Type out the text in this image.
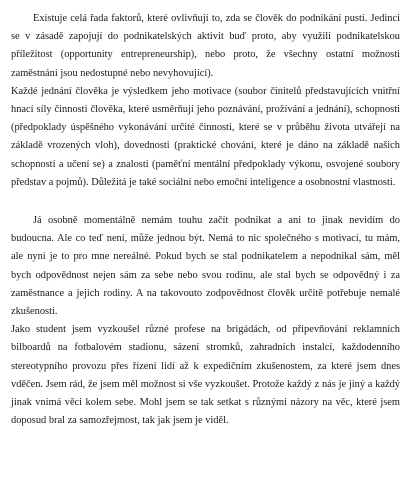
Existuje celá řada faktorů, které ovlivňují to, zda se člověk do podnikání pustí. Jedinci se v zásadě zapojují do podnikatelských aktivit buď proto, aby využili podnikatelskou příležitost (opportunity entrepreneurship), nebo proto, že všechny ostatní možnosti zaměstnání jsou nedostupné nebo nevyhovující).

Každé jednání člověka je výsledkem jeho motivace (soubor činitelů představujících vnitřní hnací síly činnosti člověka, které usměrňují jeho poznávání, prožívání a jednání), schopnosti (předpoklady úspěšného vykonávání určité činnosti, které se v průběhu života utvářejí na základě vrozených vloh), dovednosti (praktické chování, které je dáno na základě našich schopností a učení se) a znalosti (paměťní mentální předpoklady výkonu, osvojené soubory představ a pojmů). Důležitá je také sociální nebo emoční inteligence a osobnostní vlastnosti.

Já osobně momentálně nemám touhu začít podnikat a ani to jinak nevidím do budoucna. Ale co teď není, může jednou být. Nemá to nic společného s motivací, tu mám, ale nyní je to pro mne nereálné. Pokud bych se stal podnikatelem a nepodnikal sám, měl bych odpovědnost nejen sám za sebe nebo svou rodinu, ale stal bych se odpovědný i za zaměstnance a jejich rodiny. A na takovouto zodpovědnost člověk určitě potřebuje nemalé zkušenosti.

Jako student jsem vyzkoušel různé profese na brigádách, od připevňování reklamních bilboardů na fotbalovém stadionu, sázení stromků, zahradních instalcí, každodenního stereotypního provozu přes řízení lidí až k expedičním zkušenostem, za které jsem dnes vděčen. Jsem rád, že jsem měl možnost si vše vyzkoušet. Protože každý z nás je jiný a každý jinak vnímá věci kolem sebe. Mohl jsem se tak setkat s různými názory na věc, které jsem doposud bral za samozřejmost, tak jak jsem je viděl.
